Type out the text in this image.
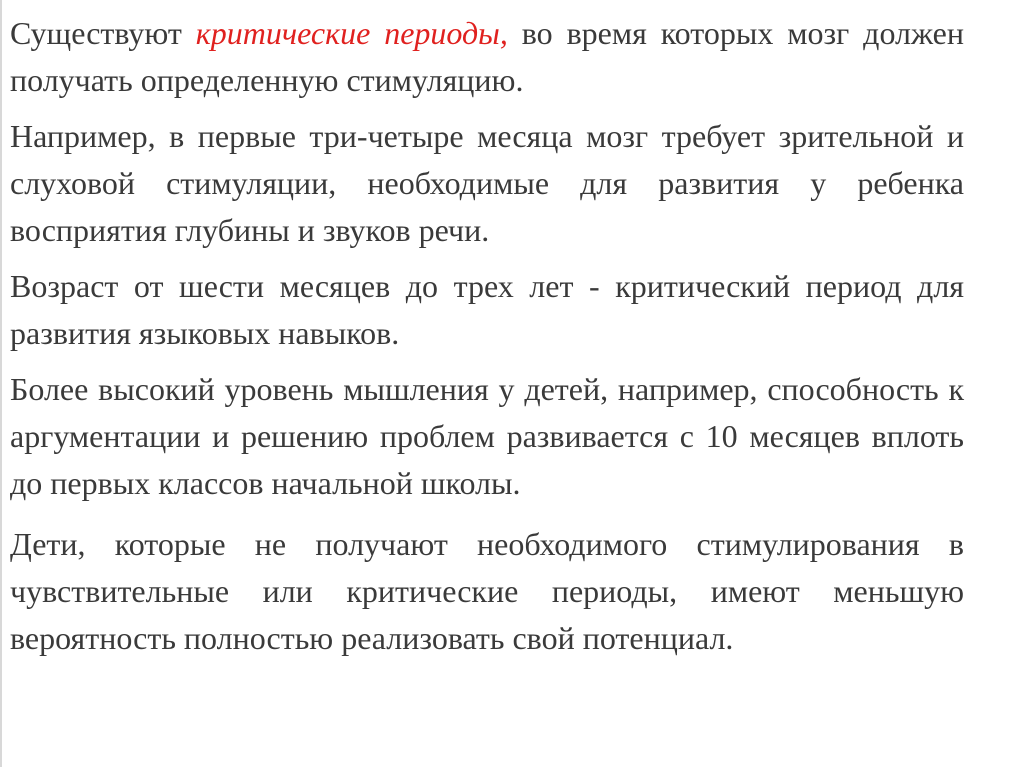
Существуют критические периоды, во время которых мозг должен получать определенную стимуляцию.

Например, в первые три-четыре месяца мозг требует зрительной и слуховой стимуляции, необходимые для развития у ребенка восприятия глубины и звуков речи.

Возраст от шести месяцев до трех лет - критический период для развития языковых навыков.

Более высокий уровень мышления у детей, например, способность к аргументации и решению проблем развивается с 10 месяцев вплоть до первых классов начальной школы.

Дети, которые не получают необходимого стимулирования в чувствительные или критические периоды, имеют меньшую вероятность полностью реализовать свой потенциал.
